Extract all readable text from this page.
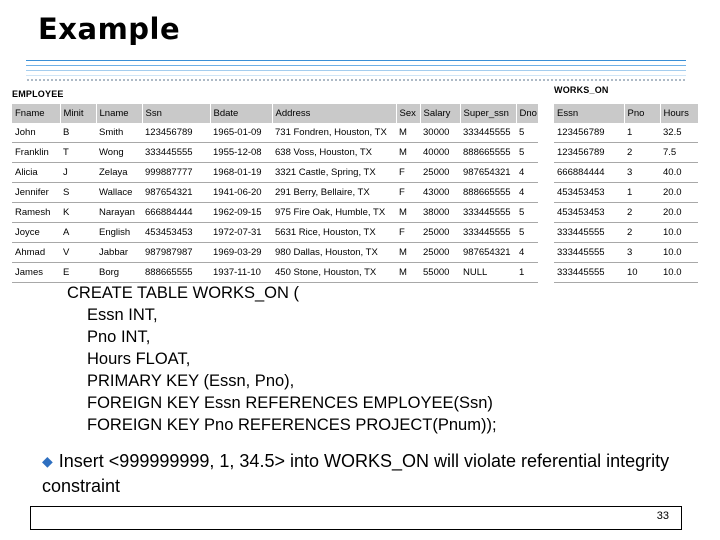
Example
EMPLOYEE
Fname	Minit	Lname	Ssn	Bdate	Address	Sex	Salary	Super_ssn	Dno
John	B	Smith	123456789	1965-01-09	731 Fondren, Houston, TX	M	30000	333445555	5
Franklin	T	Wong	333445555	1955-12-08	638 Voss, Houston, TX	M	40000	888665555	5
Alicia	J	Zelaya	999887777	1968-01-19	3321 Castle, Spring, TX	F	25000	987654321	4
Jennifer	S	Wallace	987654321	1941-06-20	291 Berry, Bellaire, TX	F	43000	888665555	4
Ramesh	K	Narayan	666884444	1962-09-15	975 Fire Oak, Humble, TX	M	38000	333445555	5
Joyce	A	English	453453453	1972-07-31	5631 Rice, Houston, TX	F	25000	333445555	5
Ahmad	V	Jabbar	987987987	1969-03-29	980 Dallas, Houston, TX	M	25000	987654321	4
James	E	Borg	888665555	1937-11-10	450 Stone, Houston, TX	M	55000	NULL	1
WORKS_ON
Essn	Pno	Hours
123456789	1	32.5
123456789	2	7.5
666884444	3	40.0
453453453	1	20.0
453453453	2	20.0
333445555	2	10.0
333445555	3	10.0
333445555	10	10.0
CREATE TABLE WORKS_ON (
Essn INT,
Pno INT,
Hours FLOAT,
PRIMARY KEY (Essn, Pno),
FOREIGN KEY Essn REFERENCES EMPLOYEE(Ssn)
FOREIGN KEY Pno REFERENCES PROJECT(Pnum));
◆ Insert <999999999, 1, 34.5> into WORKS_ON will violate referential integrity constraint
33
